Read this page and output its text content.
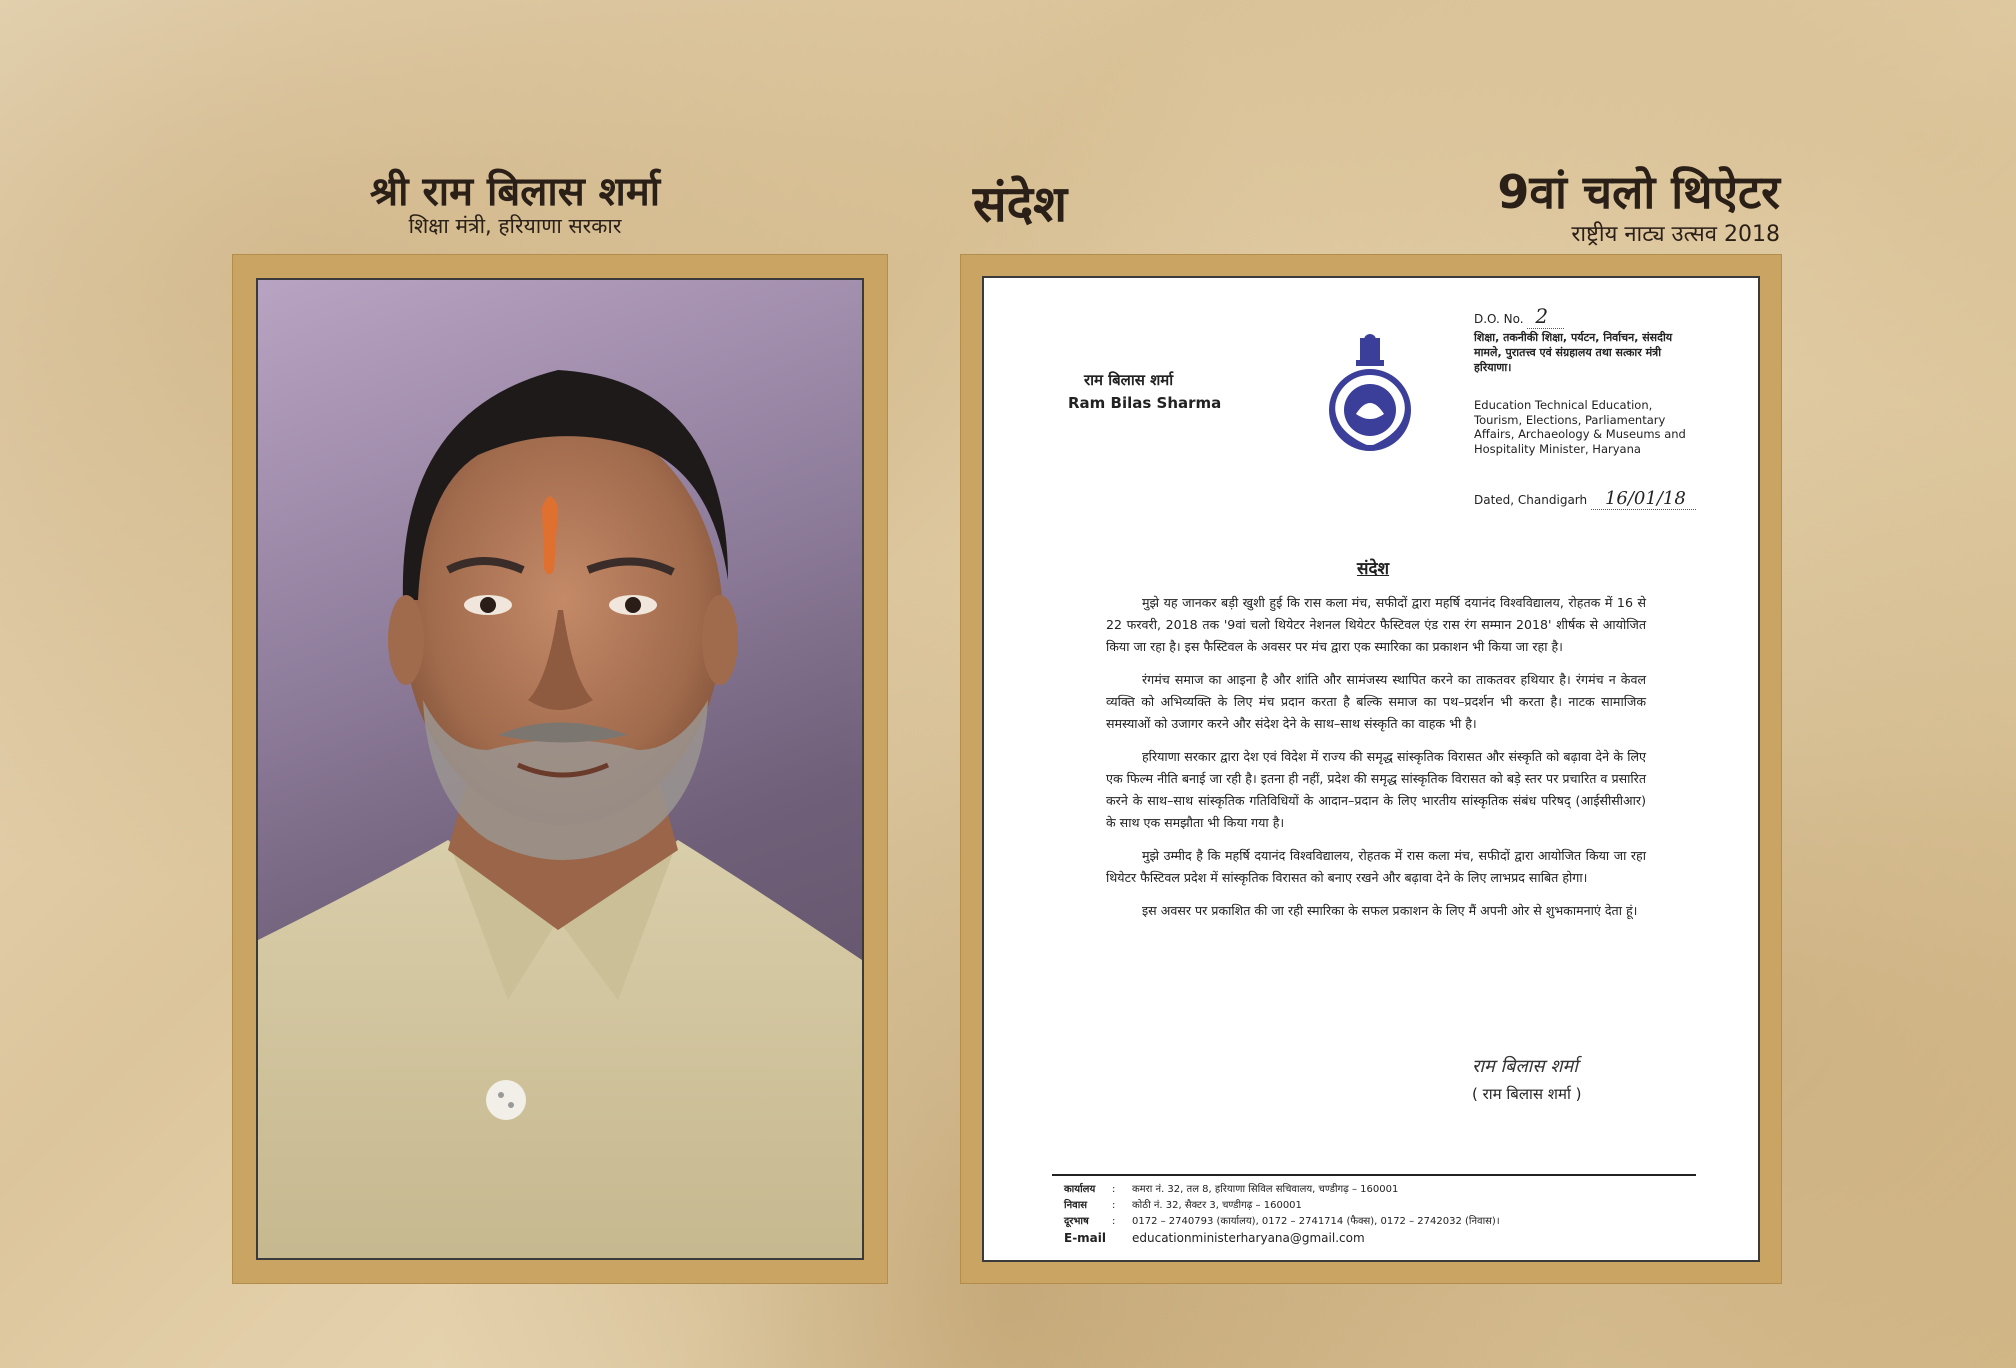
श्री राम बिलास शर्मा
शिक्षा मंत्री, हरियाणा सरकार	संदेश	9वां चलो थिऐटर
राष्ट्रीय नाट्य उत्सव 2018
राम बिलास शर्मा
Ram Bilas Sharma
D.O. No. 2
शिक्षा, तकनीकी शिक्षा, पर्यटन, निर्वाचन, संसदीय मामले, पुरातत्त्व एवं संग्रहालय तथा सत्कार मंत्री हरियाणा।
Education Technical Education, Tourism, Elections, Parliamentary Affairs, Archaeology & Museums and Hospitality Minister, Haryana
Dated, Chandigarh 16/01/18
संदेश

मुझे यह जानकर बड़ी खुशी हुई कि रास कला मंच, सफीदों द्वारा महर्षि दयानंद विश्वविद्यालय, रोहतक में 16 से 22 फरवरी, 2018 तक '9वां चलो थियेटर नेशनल थियेटर फैस्टिवल एंड रास रंग सम्मान 2018' शीर्षक से आयोजित किया जा रहा है। इस फैस्टिवल के अवसर पर मंच द्वारा एक स्मारिका का प्रकाशन भी किया जा रहा है।

रंगमंच समाज का आइना है और शांति और सामंजस्य स्थापित करने का ताकतवर हथियार है। रंगमंच न केवल व्यक्ति को अभिव्यक्ति के लिए मंच प्रदान करता है बल्कि समाज का पथ–प्रदर्शन भी करता है। नाटक सामाजिक समस्याओं को उजागर करने और संदेश देने के साथ–साथ संस्कृति का वाहक भी है।

हरियाणा सरकार द्वारा देश एवं विदेश में राज्य की समृद्ध सांस्कृतिक विरासत और संस्कृति को बढ़ावा देने के लिए एक फिल्म नीति बनाई जा रही है। इतना ही नहीं, प्रदेश की समृद्ध सांस्कृतिक विरासत को बड़े स्तर पर प्रचारित व प्रसारित करने के साथ–साथ सांस्कृतिक गतिविधियों के आदान–प्रदान के लिए भारतीय सांस्कृतिक संबंध परिषद् (आईसीसीआर) के साथ एक समझौता भी किया गया है।

मुझे उम्मीद है कि महर्षि दयानंद विश्वविद्यालय, रोहतक में रास कला मंच, सफीदों द्वारा आयोजित किया जा रहा थियेटर फैस्टिवल प्रदेश में सांस्कृतिक विरासत को बनाए रखने और बढ़ावा देने के लिए लाभप्रद साबित होगा।

इस अवसर पर प्रकाशित की जा रही स्मारिका के सफल प्रकाशन के लिए मैं अपनी ओर से शुभकामनाएं देता हूं।

राम बिलास शर्मा
( राम बिलास शर्मा )
कार्यालय	:	कमरा नं. 32, तल 8, हरियाणा सिविल सचिवालय, चण्डीगढ़ – 160001
निवास	:	कोठी नं. 32, सैक्टर 3, चण्डीगढ़ – 160001
दूरभाष	:	0172 – 2740793 (कार्यालय), 0172 – 2741714 (फैक्स), 0172 – 2742032 (निवास)।
E-mail	educationministerharyana@gmail.com
